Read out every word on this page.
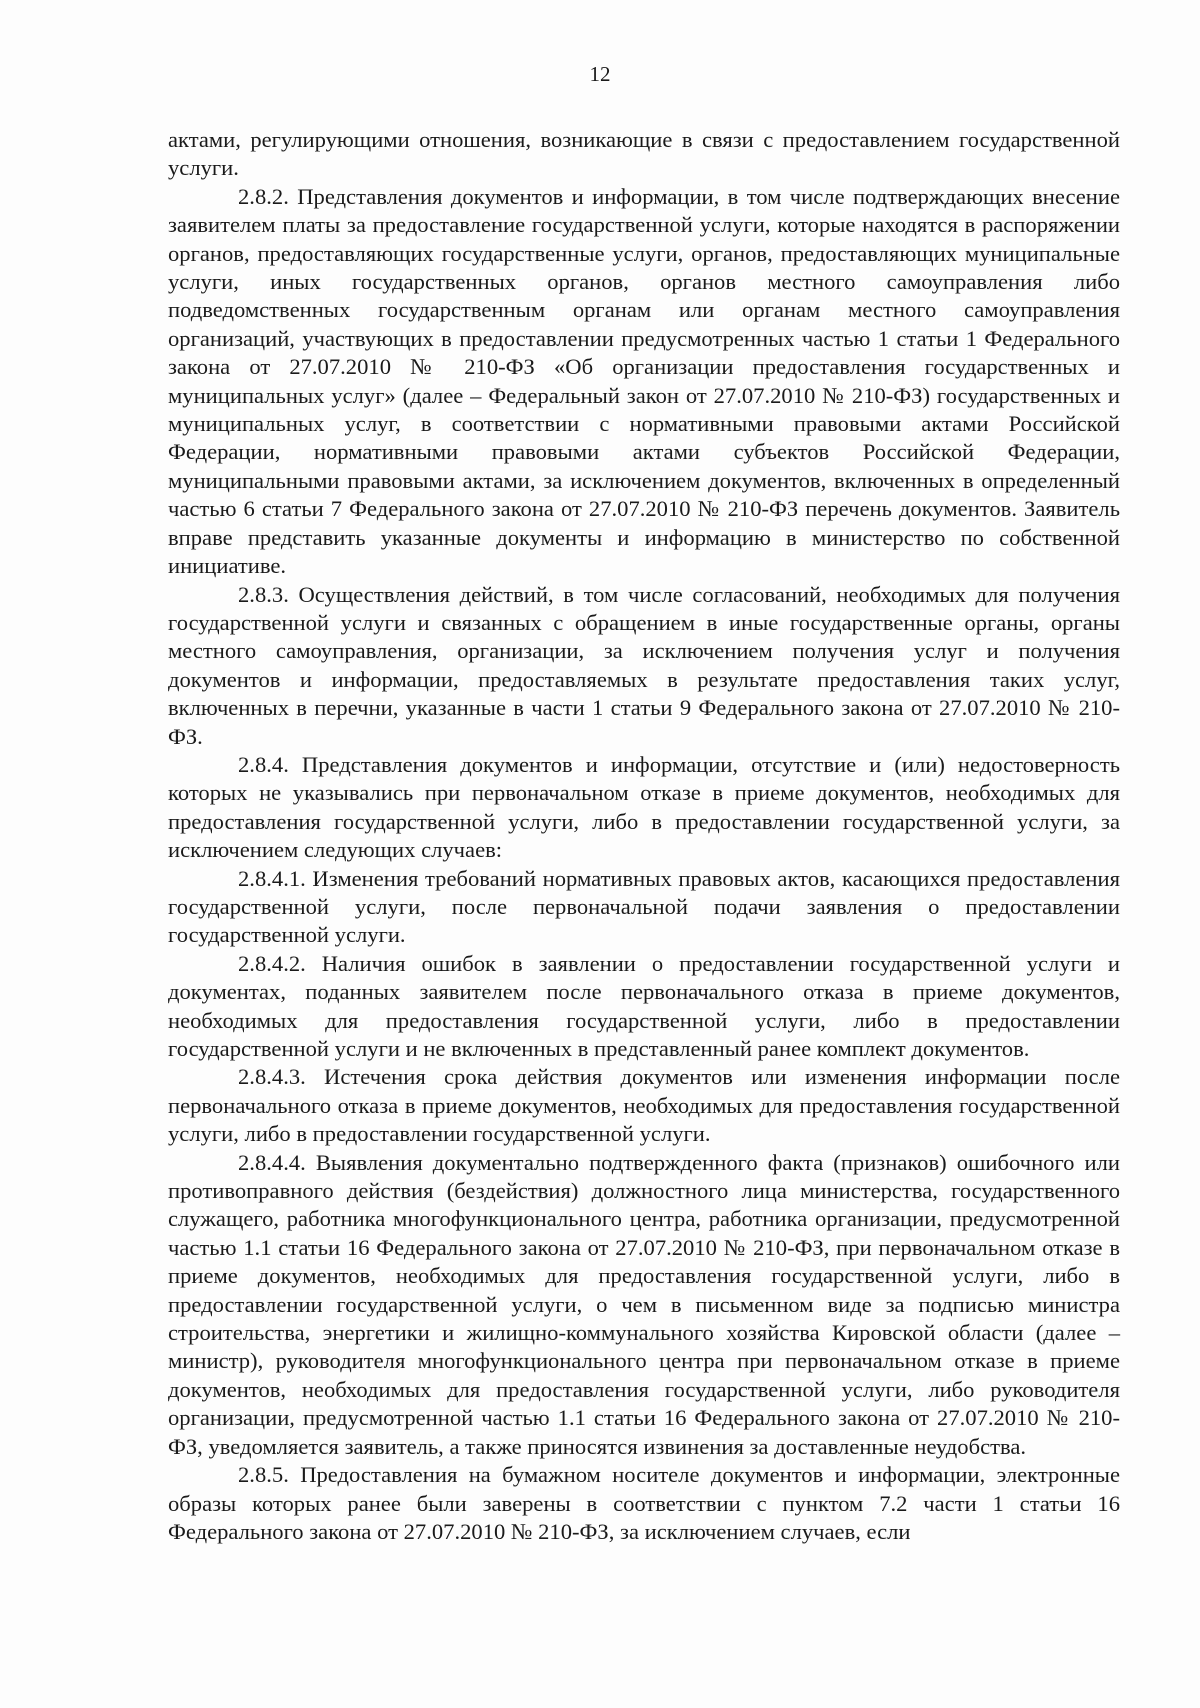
12

актами, регулирующими отношения, возникающие в связи с предоставлением государственной услуги.

2.8.2. Представления документов и информации, в том числе подтверждающих внесение заявителем платы за предоставление государственной услуги, которые находятся в распоряжении органов, предоставляющих государственные услуги, органов, предоставляющих муниципальные услуги, иных государственных органов, органов местного самоуправления либо подведомственных государственным органам или органам местного самоуправления организаций, участвующих в предоставлении предусмотренных частью 1 статьи 1 Федерального закона от 27.07.2010 № 210-ФЗ «Об организации предоставления государственных и муниципальных услуг» (далее – Федеральный закон от 27.07.2010 № 210-ФЗ) государственных и муниципальных услуг, в соответствии с нормативными правовыми актами Российской Федерации, нормативными правовыми актами субъектов Российской Федерации, муниципальными правовыми актами, за исключением документов, включенных в определенный частью 6 статьи 7 Федерального закона от 27.07.2010 № 210-ФЗ перечень документов. Заявитель вправе представить указанные документы и информацию в министерство по собственной инициативе.

2.8.3. Осуществления действий, в том числе согласований, необходимых для получения государственной услуги и связанных с обращением в иные государственные органы, органы местного самоуправления, организации, за исключением получения услуг и получения документов и информации, предоставляемых в результате предоставления таких услуг, включенных в перечни, указанные в части 1 статьи 9 Федерального закона от 27.07.2010 № 210-ФЗ.

2.8.4. Представления документов и информации, отсутствие и (или) недостоверность которых не указывались при первоначальном отказе в приеме документов, необходимых для предоставления государственной услуги, либо в предоставлении государственной услуги, за исключением следующих случаев:

2.8.4.1. Изменения требований нормативных правовых актов, касающихся предоставления государственной услуги, после первоначальной подачи заявления о предоставлении государственной услуги.

2.8.4.2. Наличия ошибок в заявлении о предоставлении государственной услуги и документах, поданных заявителем после первоначального отказа в приеме документов, необходимых для предоставления государственной услуги, либо в предоставлении государственной услуги и не включенных в представленный ранее комплект документов.

2.8.4.3. Истечения срока действия документов или изменения информации после первоначального отказа в приеме документов, необходимых для предоставления государственной услуги, либо в предоставлении государственной услуги.

2.8.4.4. Выявления документально подтвержденного факта (признаков) ошибочного или противоправного действия (бездействия) должностного лица министерства, государственного служащего, работника многофункционального центра, работника организации, предусмотренной частью 1.1 статьи 16 Федерального закона от 27.07.2010 № 210-ФЗ, при первоначальном отказе в приеме документов, необходимых для предоставления государственной услуги, либо в предоставлении государственной услуги, о чем в письменном виде за подписью министра строительства, энергетики и жилищно-коммунального хозяйства Кировской области (далее – министр), руководителя многофункционального центра при первоначальном отказе в приеме документов, необходимых для предоставления государственной услуги, либо руководителя организации, предусмотренной частью 1.1 статьи 16 Федерального закона от 27.07.2010 № 210-ФЗ, уведомляется заявитель, а также приносятся извинения за доставленные неудобства.

2.8.5. Предоставления на бумажном носителе документов и информации, электронные образы которых ранее были заверены в соответствии с пунктом 7.2 части 1 статьи 16 Федерального закона от 27.07.2010 № 210-ФЗ, за исключением случаев, если
